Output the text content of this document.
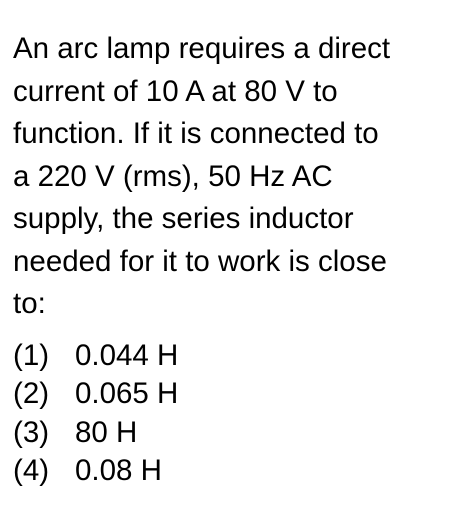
An arc lamp requires a direct
current of 10 A at 80 V to
function. If it is connected to
a 220 V (rms), 50 Hz AC
supply, the series inductor
needed for it to work is close
to:
(1) 0.044 H
(2) 0.065 H
(3) 80 H
(4) 0.08 H
